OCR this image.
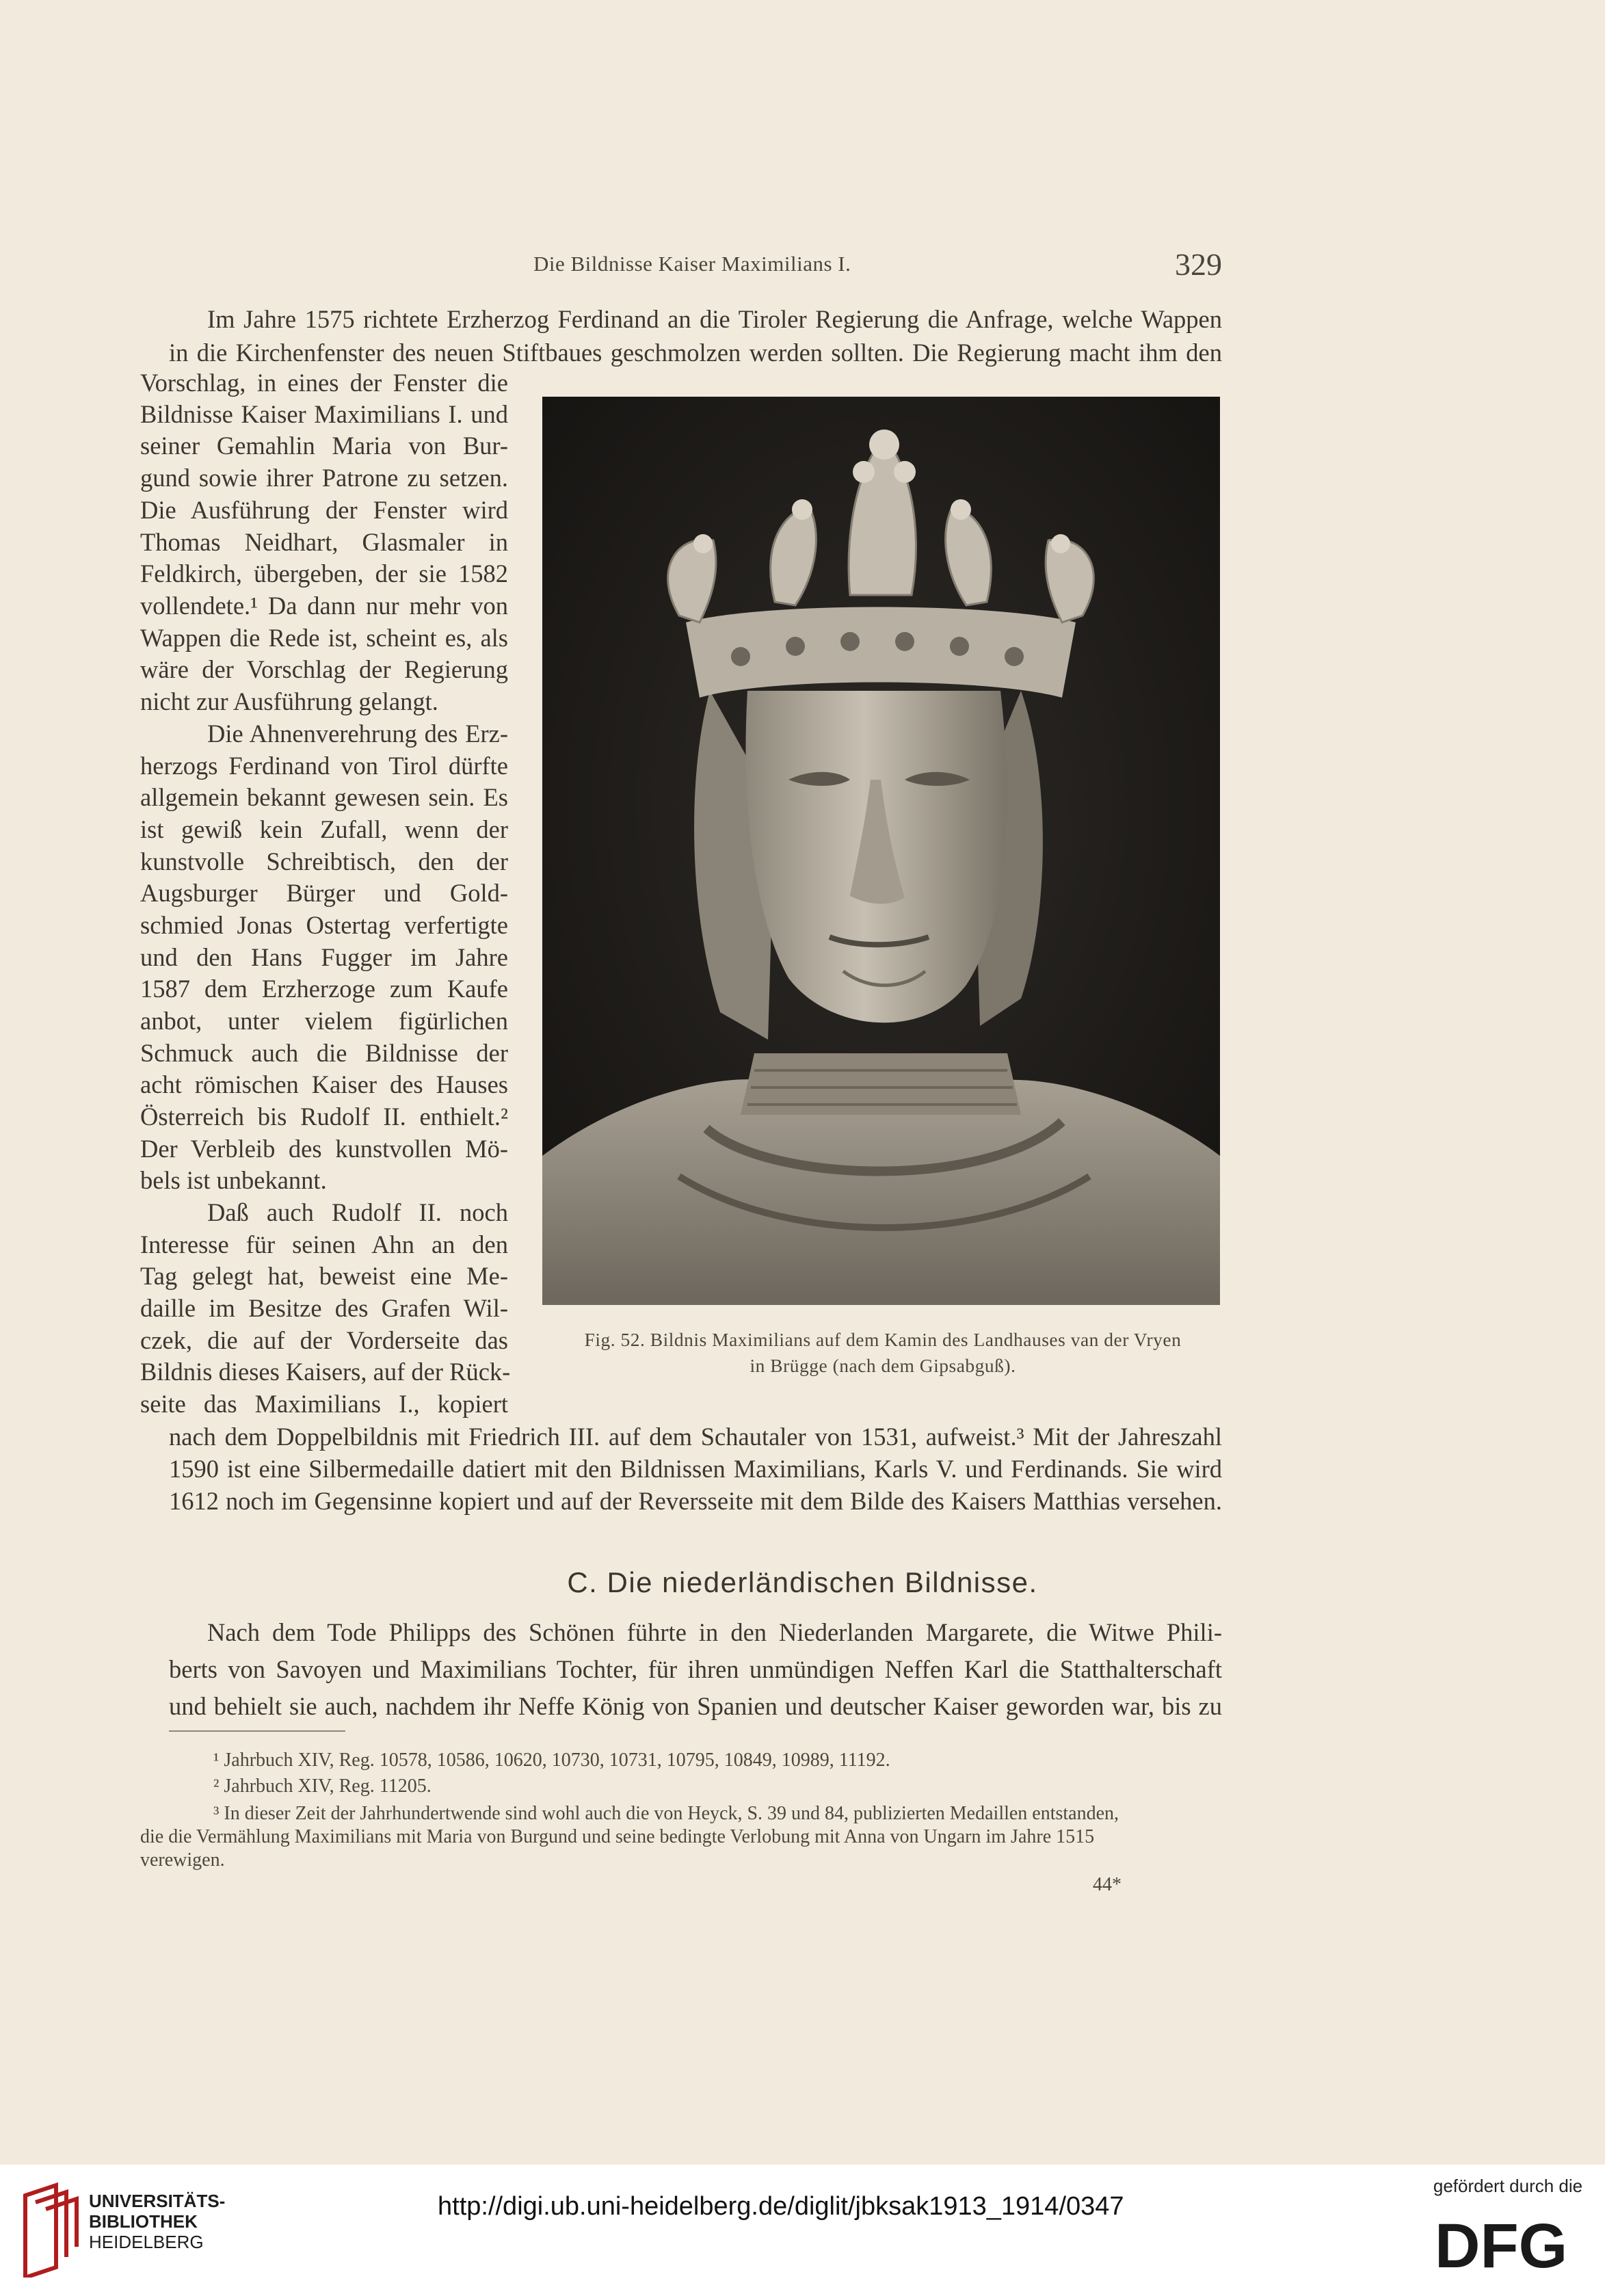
Die Bildnisse Kaiser Maximilians I.	329
Im Jahre 1575 richtete Erzherzog Ferdinand an die Tiroler Regierung die Anfrage, welche Wappen
in die Kirchenfenster des neuen Stiftbaues geschmolzen werden sollten. Die Regierung macht ihm den
Vorschlag, in eines der Fenster die
Bildnisse Kaiser Maximilians I. und
seiner Gemahlin Maria von Bur-
gund sowie ihrer Patrone zu setzen.
Die Ausführung der Fenster wird
Thomas Neidhart, Glasmaler in
Feldkirch, übergeben, der sie 1582
vollendete.¹ Da dann nur mehr von
Wappen die Rede ist, scheint es, als
wäre der Vorschlag der Regierung
nicht zur Ausführung gelangt.
Die Ahnenverehrung des Erz-
herzogs Ferdinand von Tirol dürfte
allgemein bekannt gewesen sein. Es
ist gewiß kein Zufall, wenn der
kunstvolle Schreibtisch, den der
Augsburger Bürger und Gold-
schmied Jonas Ostertag verfertigte
und den Hans Fugger im Jahre
1587 dem Erzherzoge zum Kaufe
anbot, unter vielem figürlichen
Schmuck auch die Bildnisse der
acht römischen Kaiser des Hauses
Österreich bis Rudolf II. enthielt.²
Der Verbleib des kunstvollen Mö-
bels ist unbekannt.
Daß auch Rudolf II. noch
Interesse für seinen Ahn an den
Tag gelegt hat, beweist eine Me-
daille im Besitze des Grafen Wil-
czek, die auf der Vorderseite das
Bildnis dieses Kaisers, auf der Rück-
seite das Maximilians I., kopiert
Fig. 52. Bildnis Maximilians auf dem Kamin des Landhauses van der Vryen
in Brügge (nach dem Gipsabguß).
nach dem Doppelbildnis mit Friedrich III. auf dem Schautaler von 1531, aufweist.³ Mit der Jahreszahl
1590 ist eine Silbermedaille datiert mit den Bildnissen Maximilians, Karls V. und Ferdinands. Sie wird
1612 noch im Gegensinne kopiert und auf der Reversseite mit dem Bilde des Kaisers Matthias versehen.
C. Die niederländischen Bildnisse.
Nach dem Tode Philipps des Schönen führte in den Niederlanden Margarete, die Witwe Phili-
berts von Savoyen und Maximilians Tochter, für ihren unmündigen Neffen Karl die Statthalterschaft
und behielt sie auch, nachdem ihr Neffe König von Spanien und deutscher Kaiser geworden war, bis zu
¹ Jahrbuch XIV, Reg. 10578, 10586, 10620, 10730, 10731, 10795, 10849, 10989, 11192.
² Jahrbuch XIV, Reg. 11205.
³ In dieser Zeit der Jahrhundertwende sind wohl auch die von Heyck, S. 39 und 84, publizierten Medaillen entstanden,
die die Vermählung Maximilians mit Maria von Burgund und seine bedingte Verlobung mit Anna von Ungarn im Jahre 1515
verewigen.
44*
UNIVERSITÄTS-
BIBLIOTHEK
HEIDELBERG
http://digi.ub.uni-heidelberg.de/diglit/jbksak1913_1914/0347
gefördert durch die
DFG
